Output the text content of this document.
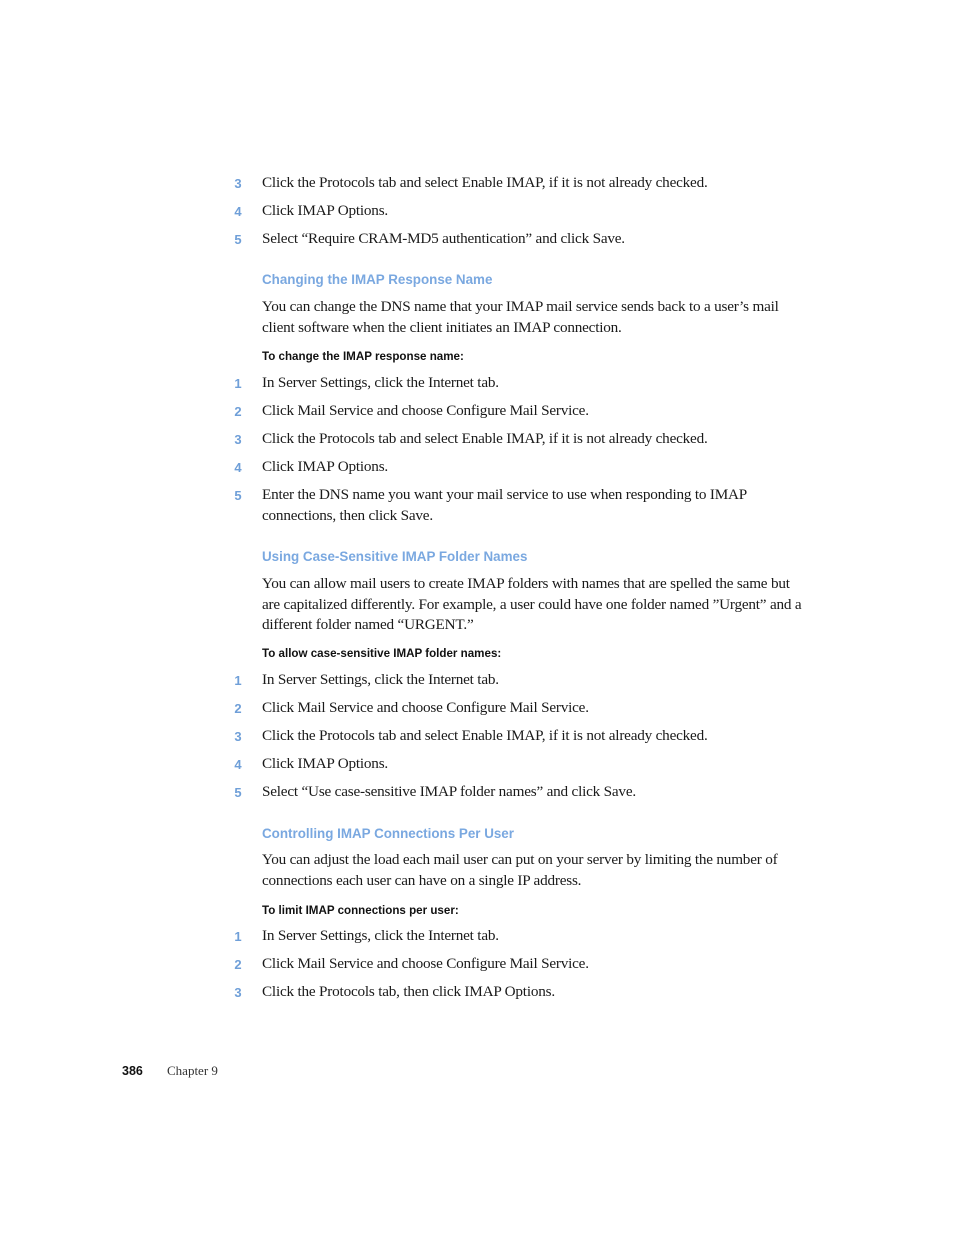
3 Click the Protocols tab and select Enable IMAP, if it is not already checked.
4 Click IMAP Options.
5 Select “Require CRAM-MD5 authentication” and click Save.
Changing the IMAP Response Name
You can change the DNS name that your IMAP mail service sends back to a user’s mail client software when the client initiates an IMAP connection.
To change the IMAP response name:
1 In Server Settings, click the Internet tab.
2 Click Mail Service and choose Configure Mail Service.
3 Click the Protocols tab and select Enable IMAP, if it is not already checked.
4 Click IMAP Options.
5 Enter the DNS name you want your mail service to use when responding to IMAP connections, then click Save.
Using Case-Sensitive IMAP Folder Names
You can allow mail users to create IMAP folders with names that are spelled the same but are capitalized differently. For example, a user could have one folder named ”Urgent” and a different folder named “URGENT.”
To allow case-sensitive IMAP folder names:
1 In Server Settings, click the Internet tab.
2 Click Mail Service and choose Configure Mail Service.
3 Click the Protocols tab and select Enable IMAP, if it is not already checked.
4 Click IMAP Options.
5 Select “Use case-sensitive IMAP folder names” and click Save.
Controlling IMAP Connections Per User
You can adjust the load each mail user can put on your server by limiting the number of connections each user can have on a single IP address.
To limit IMAP connections per user:
1 In Server Settings, click the Internet tab.
2 Click Mail Service and choose Configure Mail Service.
3 Click the Protocols tab, then click IMAP Options.
386 Chapter 9
